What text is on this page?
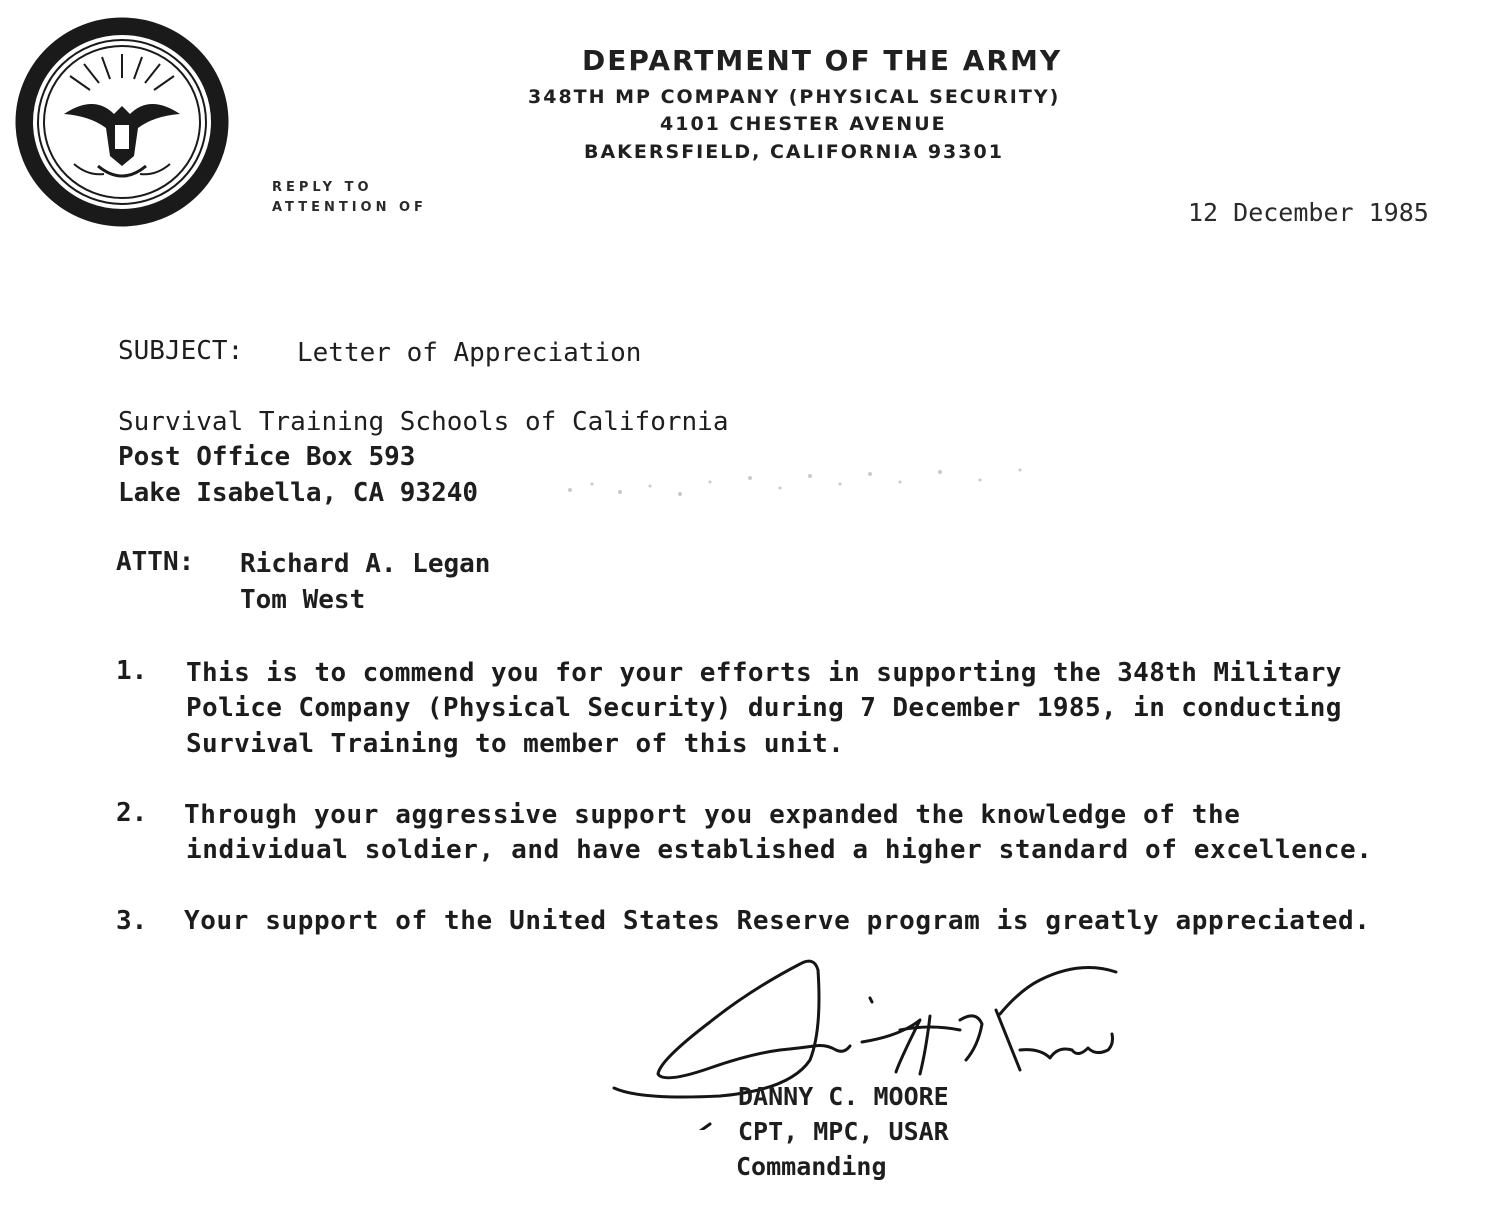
DEPARTMENT OF THE ARMY
348TH MP COMPANY (PHYSICAL SECURITY)
4101 CHESTER AVENUE
BAKERSFIELD, CALIFORNIA 93301
REPLY TO
ATTENTION OF	12 December 1985
SUBJECT: Letter of Appreciation
Survival Training Schools of California
Post Office Box 593
Lake Isabella, CA 93240
ATTN: Richard A. Legan
Tom West
1. This is to commend you for your efforts in supporting the 348th Military
Police Company (Physical Security) during 7 December 1985, in conducting
Survival Training to member of this unit.
2. Through your aggressive support you expanded the knowledge of the
individual soldier, and have established a higher standard of excellence.
3. Your support of the United States Reserve program is greatly appreciated.
DANNY C. MOORE
CPT, MPC, USAR
Commanding
